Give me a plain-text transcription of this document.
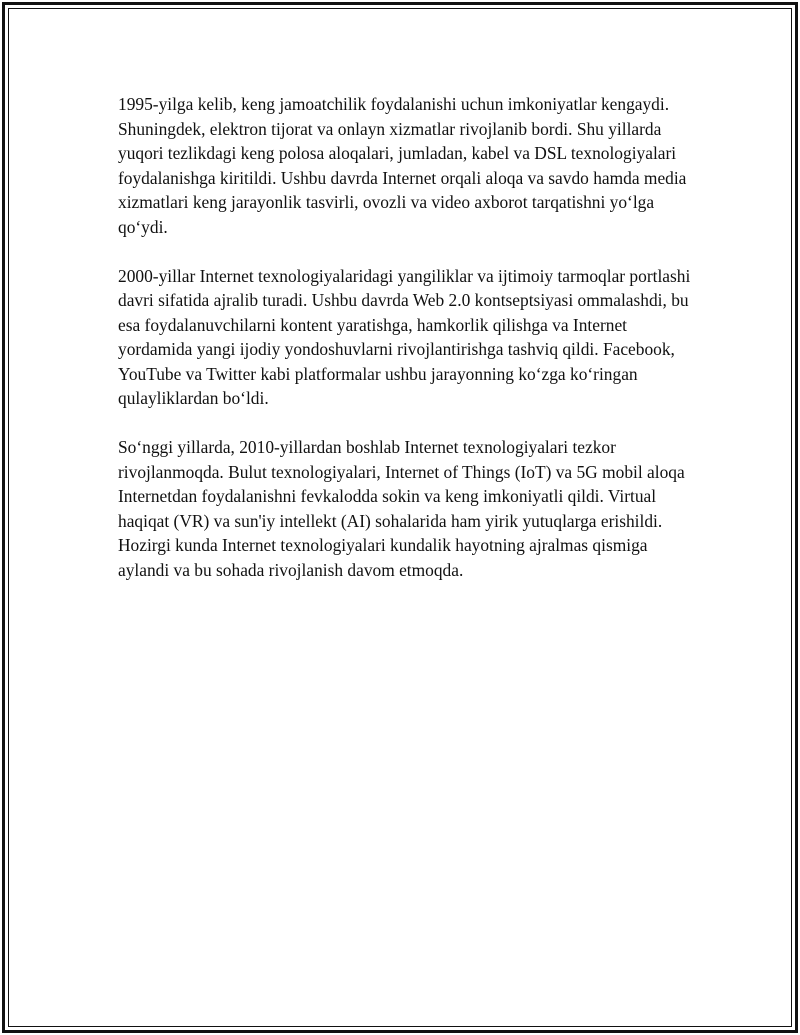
1995-yilga kelib, keng jamoatchilik foydalanishi uchun imkoniyatlar kengaydi. Shuningdek, elektron tijorat va onlayn xizmatlar rivojlanib bordi. Shu yillarda yuqori tezlikdagi keng polosa aloqalari, jumladan, kabel va DSL texnologiyalari foydalanishga kiritildi. Ushbu davrda Internet orqali aloqa va savdo hamda media xizmatlari keng jarayonlik tasvirli, ovozli va video axborot tarqatishni yo‘lga qo‘ydi.

2000-yillar Internet texnologiyalaridagi yangiliklar va ijtimoiy tarmoqlar portlashi davri sifatida ajralib turadi. Ushbu davrda Web 2.0 kontseptsiyasi ommalashdi, bu esa foydalanuvchilarni kontent yaratishga, hamkorlik qilishga va Internet yordamida yangi ijodiy yondoshuvlarni rivojlantirishga tashviq qildi. Facebook, YouTube va Twitter kabi platformalar ushbu jarayonning ko‘zga ko‘ringan qulayliklardan bo‘ldi.

So‘nggi yillarda, 2010-yillardan boshlab Internet texnologiyalari tezkor rivojlanmoqda. Bulut texnologiyalari, Internet of Things (IoT) va 5G mobil aloqa Internetdan foydalanishni fevkalodda sokin va keng imkoniyatli qildi. Virtual haqiqat (VR) va sun'iy intellekt (AI) sohalarida ham yirik yutuqlarga erishildi. Hozirgi kunda Internet texnologiyalari kundalik hayotning ajralmas qismiga aylandi va bu sohada rivojlanish davom etmoqda.
